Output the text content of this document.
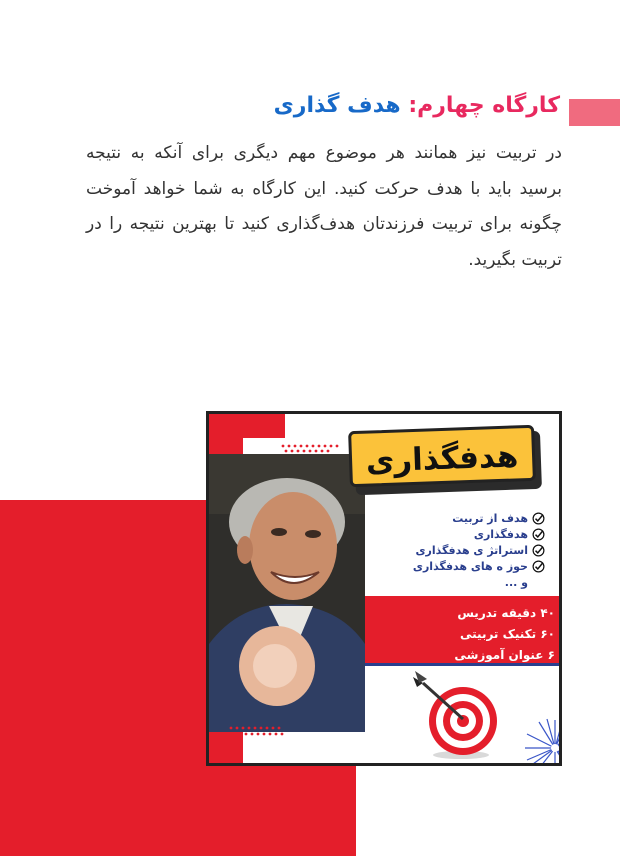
کارگاه چهارم: هدف گذاری
در تربیت نیز همانند هر موضوع مهم دیگری برای آنکه به نتیجه برسید باید با هدف حرکت کنید. این کارگاه به شما خواهد آموخت چگونه برای تربیت فرزندتان هدف‌گذاری کنید تا بهترین نتیجه را در تربیت بگیرید.
هدفگذاری
هدف از تربیت
هدفگذاری
استراتژ ی هدفگذاری
حوز ه های هدفگذاری
و ...
۴۰ دقیقه تدریس
۶۰ تکنیک تربیتی
۶ عنوان آموزشی
